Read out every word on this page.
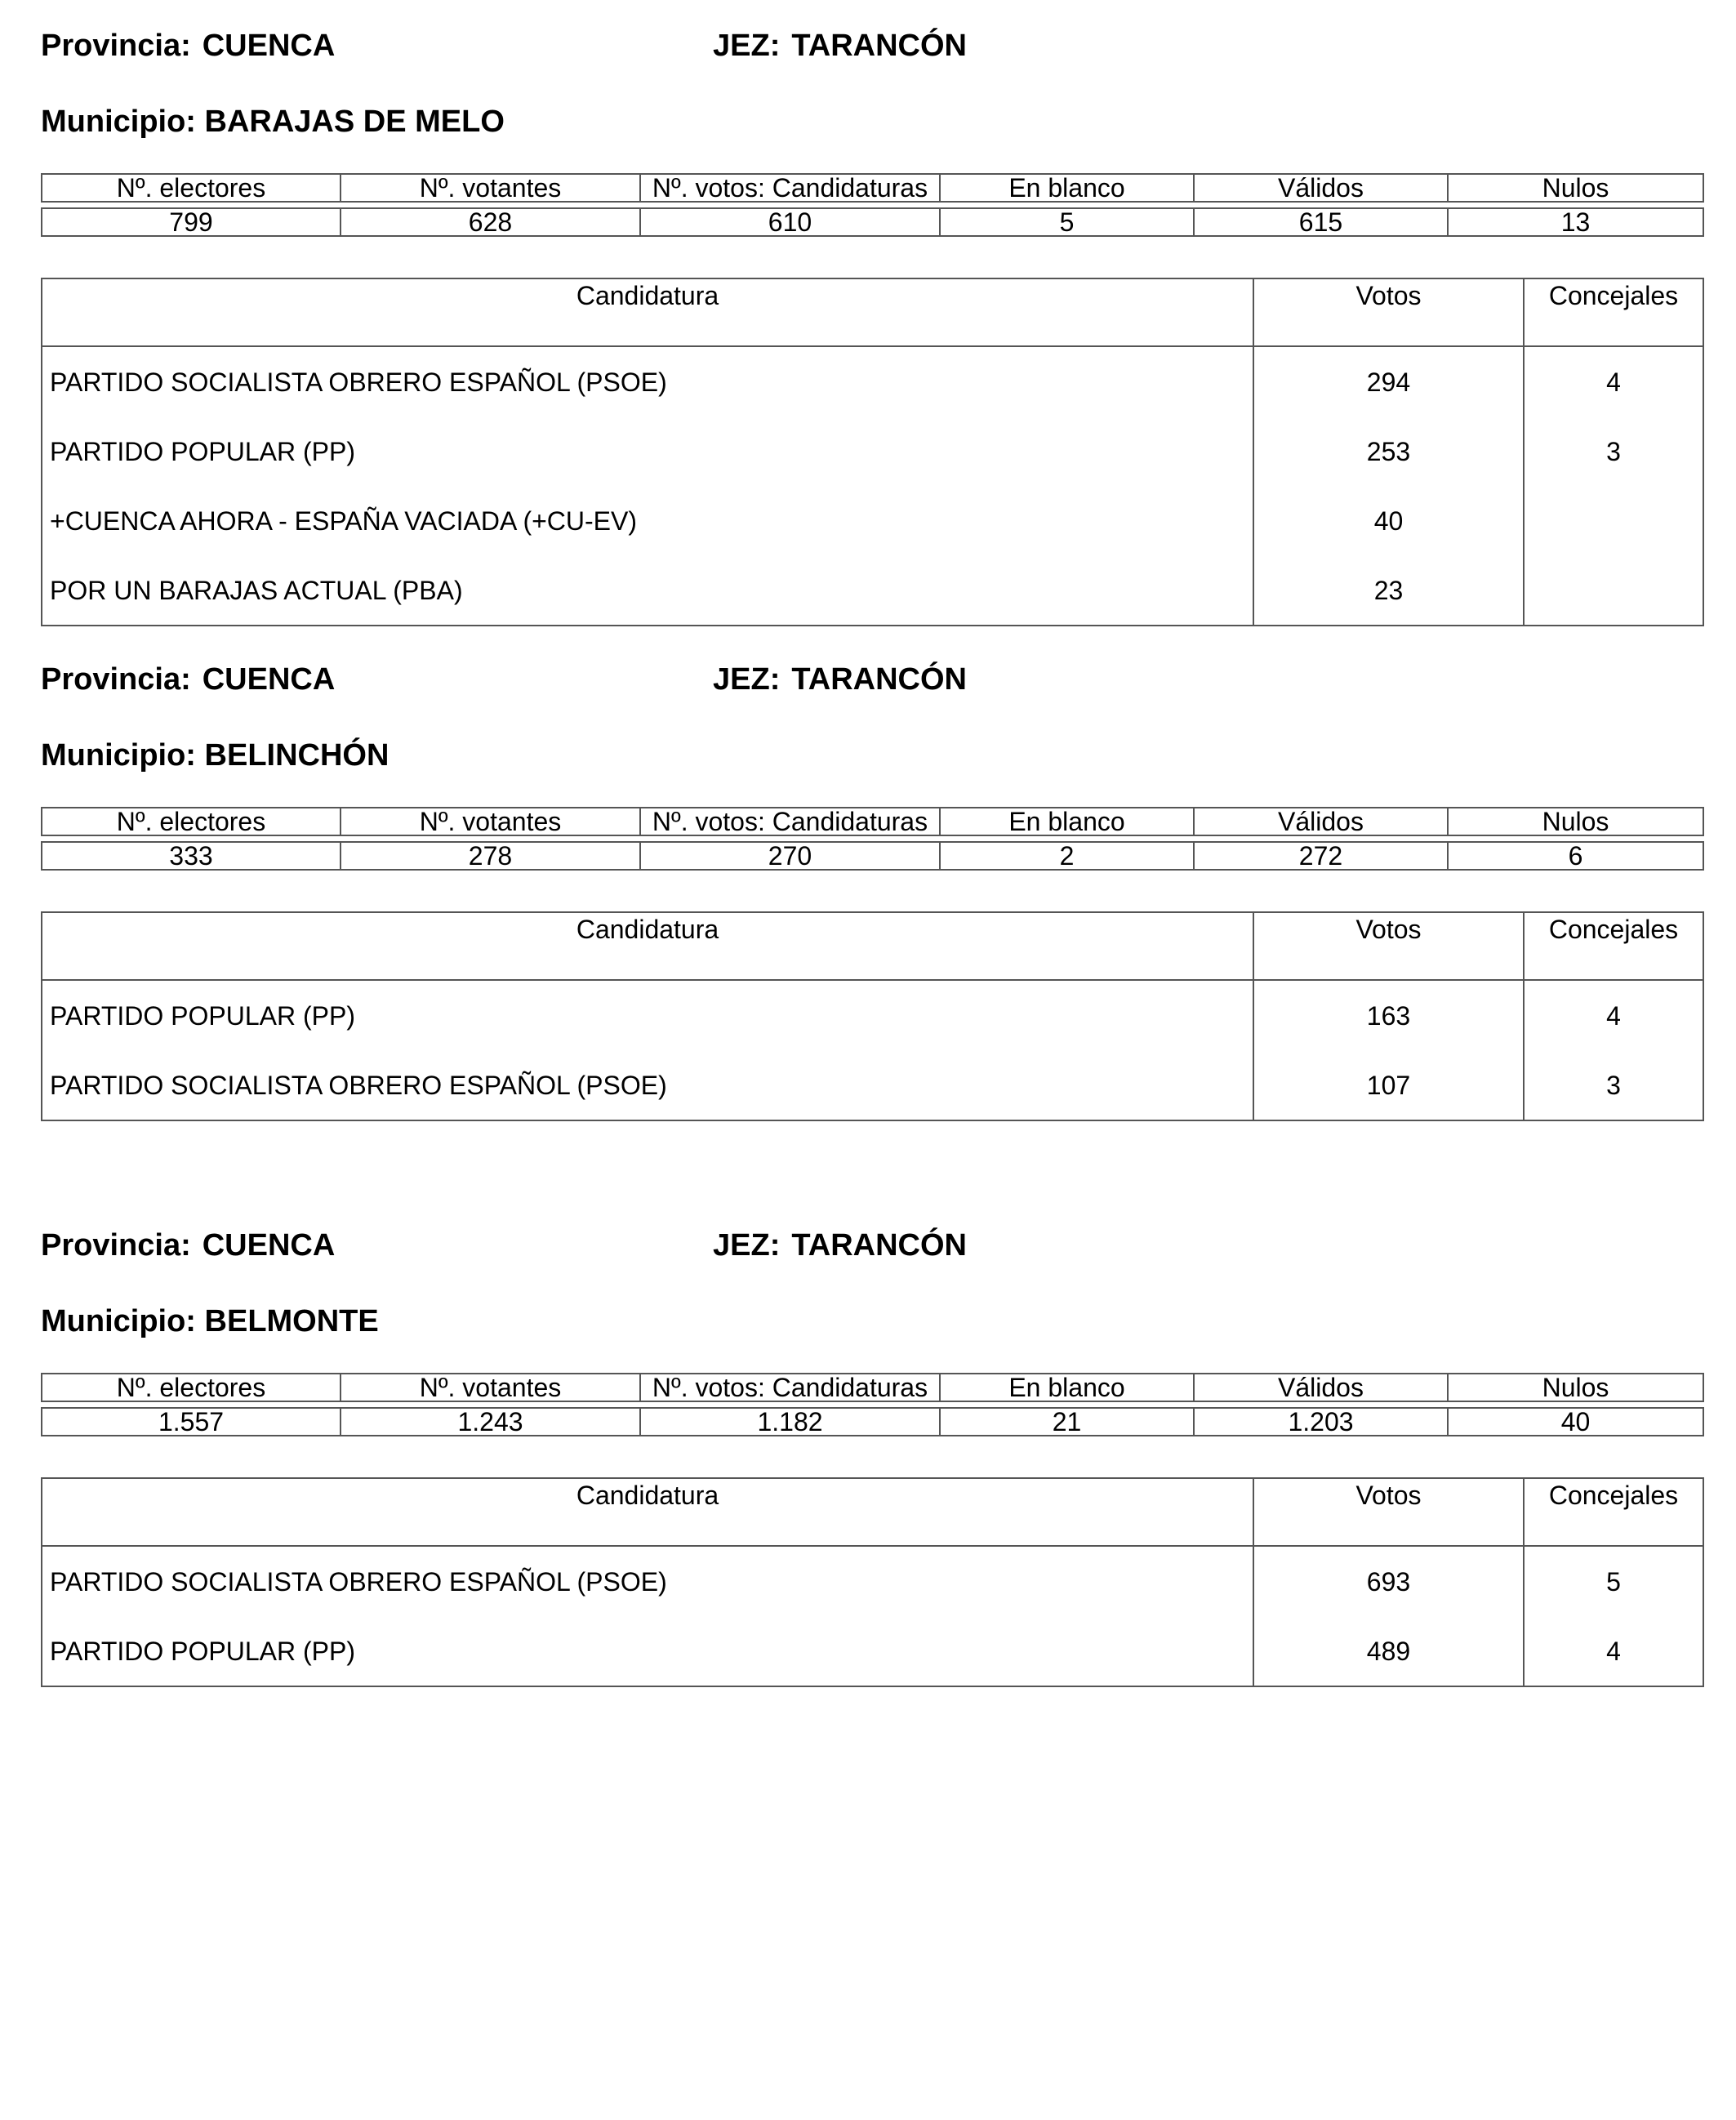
Provincia: CUENCA	JEZ: TARANCÓN
Municipio: BARAJAS DE MELO
Nº. electores	Nº. votantes	Nº. votos: Candidaturas	En blanco	Válidos	Nulos

799	628	610	5	615	13
Candidatura	Votos	Concejales
PARTIDO SOCIALISTA OBRERO ESPAÑOL (PSOE)	294	4
PARTIDO POPULAR (PP)	253	3
+CUENCA AHORA - ESPAÑA VACIADA (+CU-EV)	40	
POR UN BARAJAS ACTUAL (PBA)	23	
Provincia: CUENCA	JEZ: TARANCÓN
Municipio: BELINCHÓN
Nº. electores	Nº. votantes	Nº. votos: Candidaturas	En blanco	Válidos	Nulos

333	278	270	2	272	6
Candidatura	Votos	Concejales
PARTIDO POPULAR (PP)	163	4
PARTIDO SOCIALISTA OBRERO ESPAÑOL (PSOE)	107	3
Provincia: CUENCA	JEZ: TARANCÓN
Municipio: BELMONTE
Nº. electores	Nº. votantes	Nº. votos: Candidaturas	En blanco	Válidos	Nulos

1.557	1.243	1.182	21	1.203	40
Candidatura	Votos	Concejales
PARTIDO SOCIALISTA OBRERO ESPAÑOL (PSOE)	693	5
PARTIDO POPULAR (PP)	489	4
